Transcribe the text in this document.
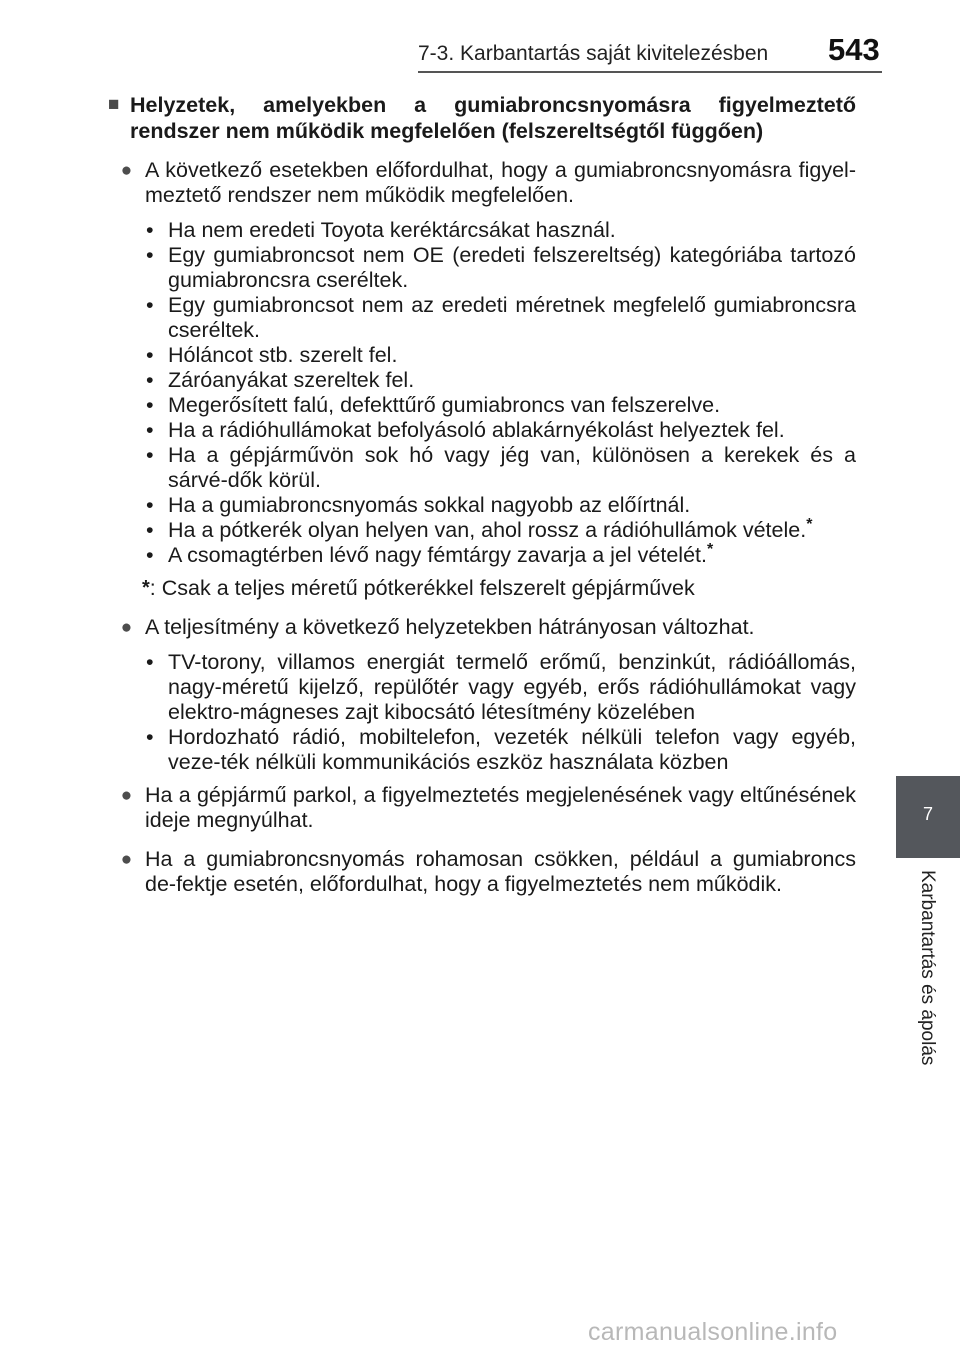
7-3. Karbantartás saját kivitelezésben 543
■ Helyzetek, amelyekben a gumiabroncsnyomásra figyelmeztető rendszer nem működik megfelelően (felszereltségtől függően)
● A következő esetekben előfordulhat, hogy a gumiabroncsnyomásra figyel-meztető rendszer nem működik megfelelően.
• Ha nem eredeti Toyota keréktárcsákat használ.
• Egy gumiabroncsot nem OE (eredeti felszereltség) kategóriába tartozó gumiabroncsra cseréltek.
• Egy gumiabroncsot nem az eredeti méretnek megfelelő gumiabroncsra cseréltek.
• Hóláncot stb. szerelt fel.
• Záróanyákat szereltek fel.
• Megerősített falú, defekttűrő gumiabroncs van felszerelve.
• Ha a rádióhullámokat befolyásoló ablakárnyékolást helyeztek fel.
• Ha a gépjárművön sok hó vagy jég van, különösen a kerekek és a sárvé-dők körül.
• Ha a gumiabroncsnyomás sokkal nagyobb az előírtnál.
• Ha a pótkerék olyan helyen van, ahol rossz a rádióhullámok vétele.*
• A csomagtérben lévő nagy fémtárgy zavarja a jel vételét.*
* : Csak a teljes méretű pótkerékkel felszerelt gépjárművek
● A teljesítmény a következő helyzetekben hátrányosan változhat.
• TV-torony, villamos energiát termelő erőmű, benzinkút, rádióállomás, nagy-méretű kijelző, repülőtér vagy egyéb, erős rádióhullámokat vagy elektro-mágneses zajt kibocsátó létesítmény közelében
• Hordozható rádió, mobiltelefon, vezeték nélküli telefon vagy egyéb, veze-ték nélküli kommunikációs eszköz használata közben
● Ha a gépjármű parkol, a figyelmeztetés megjelenésének vagy eltűnésének ideje megnyúlhat.
● Ha a gumiabroncsnyomás rohamosan csökken, például a gumiabroncs de-fektje esetén, előfordulhat, hogy a figyelmeztetés nem működik.
7
Karbantartás és ápolás
carmanualsonline.info
